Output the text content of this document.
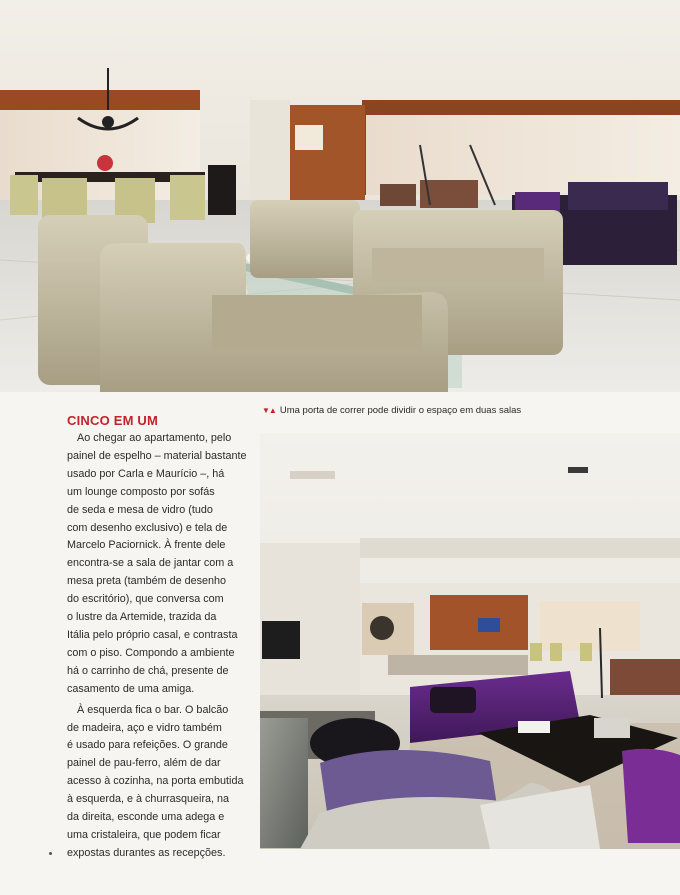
▼▲ Uma porta de correr pode dividir o espaço em duas salas
CINCO EM UM
Ao chegar ao apartamento, pelo
painel de espelho – material bastante
usado por Carla e Maurício –, há
um lounge composto por sofás
de seda e mesa de vidro (tudo
com desenho exclusivo) e tela de
Marcelo Paciornick. À frente dele
encontra-se a sala de jantar com a
mesa preta (também de desenho
do escritório), que conversa com
o lustre da Artemide, trazida da
Itália pelo próprio casal, e contrasta
com o piso. Compondo a ambiente
há o carrinho de chá, presente de
casamento de uma amiga.
À esquerda fica o bar. O balcão
de madeira, aço e vidro também
é usado para refeições. O grande
painel de pau-ferro, além de dar
acesso à cozinha, na porta embutida
à esquerda, e à churrasqueira, na
da direita, esconde uma adega e
uma cristaleira, que podem ficar
expostas durantes as recepções.
